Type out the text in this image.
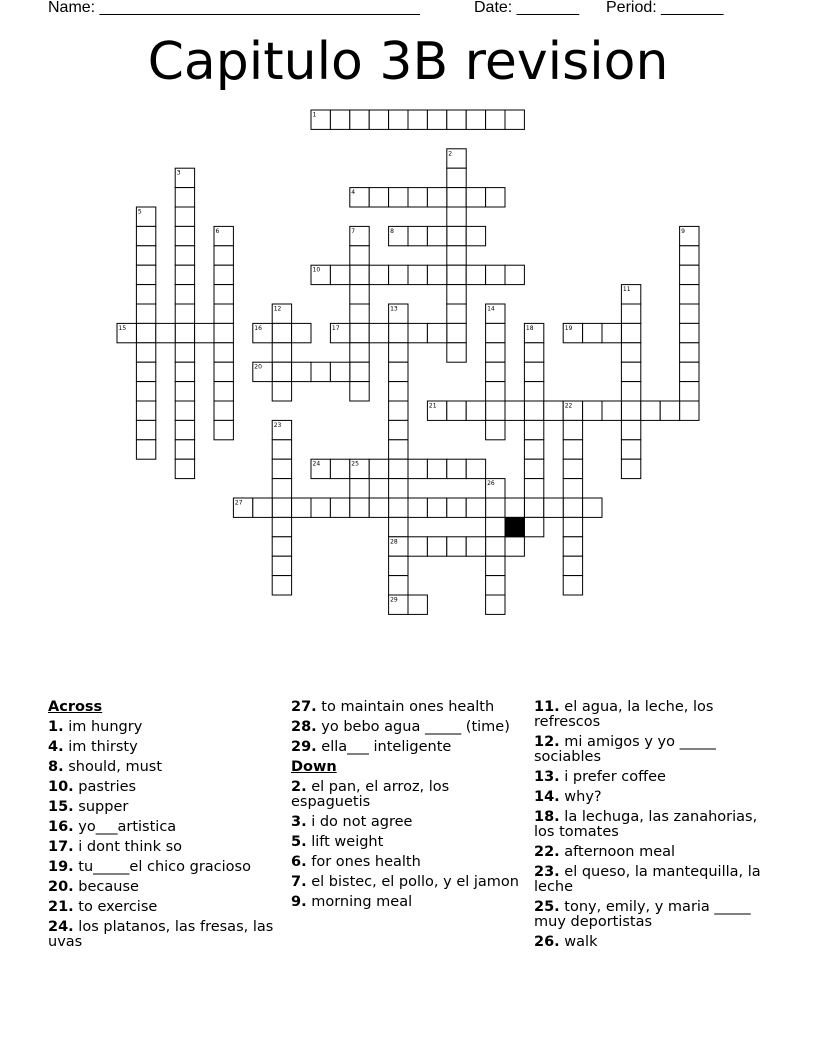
Name: ____________________________________	Date: _______ Period: _______
Capitulo 3B revision
1
2
3
4
5
6	7	8	9
10
11
12	13	14
15	16	17	18	19
20
21	22
23
24	25
26
27
28
29
Across
1. im hungry
4. im thirsty
8. should, must
10. pastries
15. supper
16. yo___artistica
17. i dont think so
19. tu_____el chico gracioso
20. because
21. to exercise
24. los platanos, las fresas, las uvas
27. to maintain ones health
28. yo bebo agua _____ (time)
29. ella___ inteligente
Down
2. el pan, el arroz, los espaguetis
3. i do not agree
5. lift weight
6. for ones health
7. el bistec, el pollo, y el jamon
9. morning meal
11. el agua, la leche, los refrescos
12. mi amigos y yo _____ sociables
13. i prefer coffee
14. why?
18. la lechuga, las zanahorias, los tomates
22. afternoon meal
23. el queso, la mantequilla, la leche
25. tony, emily, y maria _____ muy deportistas
26. walk
